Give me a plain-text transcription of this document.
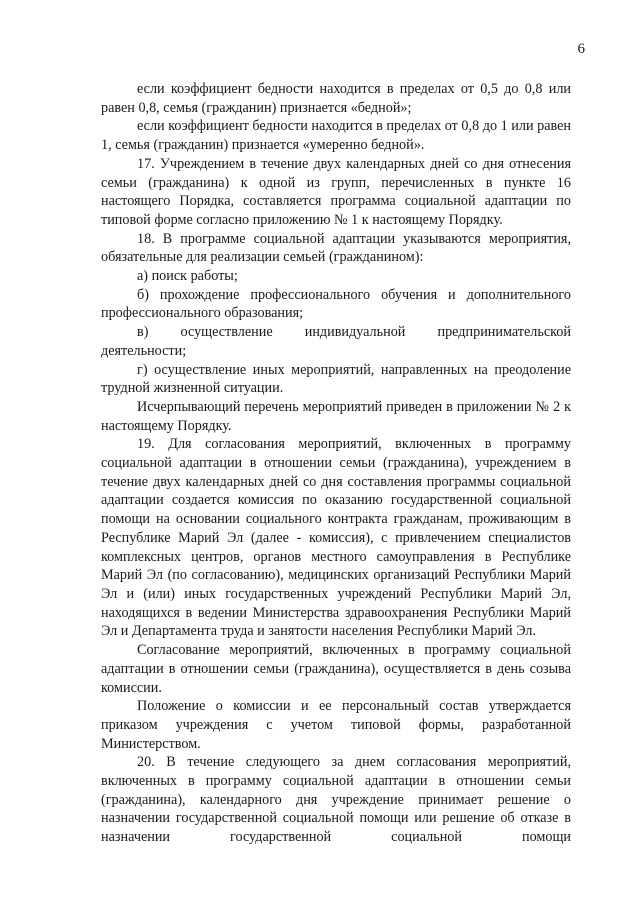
6

если коэффициент бедности находится в пределах от 0,5 до 0,8 или равен 0,8, семья (гражданин) признается «бедной»;

если коэффициент бедности находится в пределах от 0,8 до 1 или равен 1, семья (гражданин) признается «умеренно бедной».

17. Учреждением в течение двух календарных дней со дня отнесения семьи (гражданина) к одной из групп, перечисленных в пункте 16 настоящего Порядка, составляется программа социальной адаптации по типовой форме согласно приложению № 1 к настоящему Порядку.

18. В программе социальной адаптации указываются мероприятия, обязательные для реализации семьей (гражданином):

а) поиск работы;

б) прохождение профессионального обучения и дополнительного профессионального образования;

в) осуществление индивидуальной предпринимательской деятельности;

г) осуществление иных мероприятий, направленных на преодоление трудной жизненной ситуации.

Исчерпывающий перечень мероприятий приведен в приложении № 2 к настоящему Порядку.

19. Для согласования мероприятий, включенных в программу социальной адаптации в отношении семьи (гражданина), учреждением в течение двух календарных дней со дня составления программы социальной адаптации создается комиссия по оказанию государственной социальной помощи на основании социального контракта гражданам, проживающим в Республике Марий Эл (далее - комиссия), с привлечением специалистов комплексных центров, органов местного самоуправления в Республике Марий Эл (по согласованию), медицинских организаций Республики Марий Эл и (или) иных государственных учреждений Республики Марий Эл, находящихся в ведении Министерства здравоохранения Республики Марий Эл и Департамента труда и занятости населения Республики Марий Эл.

Согласование мероприятий, включенных в программу социальной адаптации в отношении семьи (гражданина), осуществляется в день созыва комиссии.

Положение о комиссии и ее персональный состав утверждается приказом учреждения с учетом типовой формы, разработанной Министерством.

20. В течение следующего за днем согласования мероприятий, включенных в программу социальной адаптации в отношении семьи (гражданина), календарного дня учреждение принимает решение о назначении государственной социальной помощи или решение об отказе в назначении государственной социальной помощи
